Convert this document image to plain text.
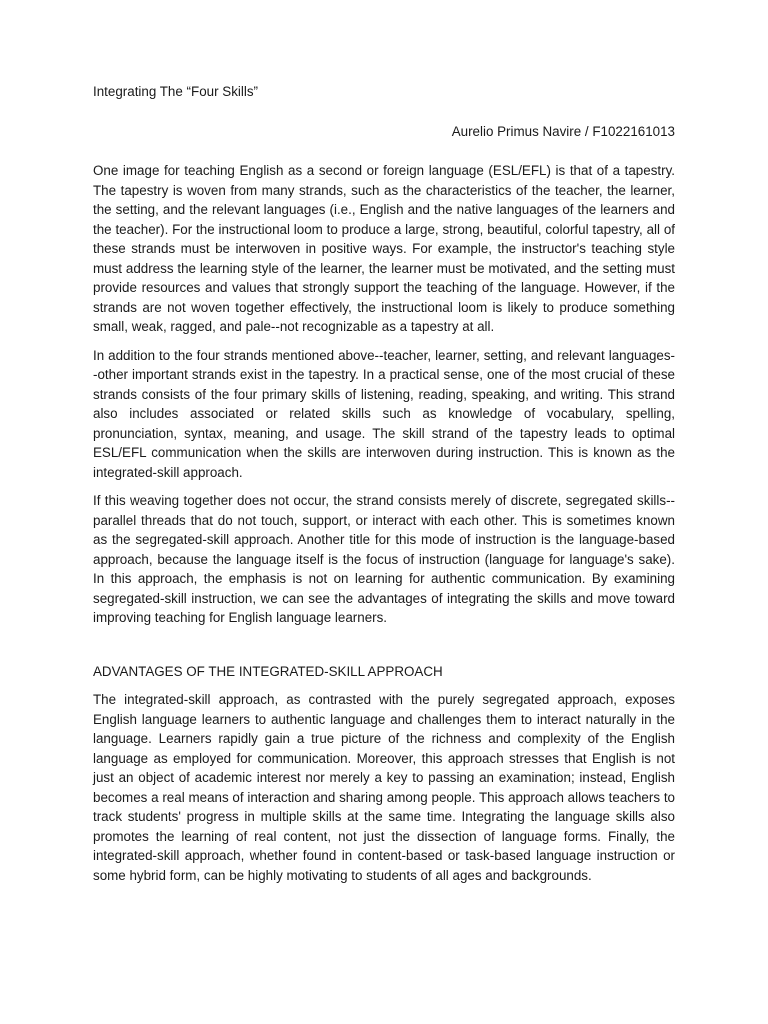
Integrating The “Four Skills”

Aurelio Primus Navire / F1022161013

One image for teaching English as a second or foreign language (ESL/EFL) is that of a tapestry. The tapestry is woven from many strands, such as the characteristics of the teacher, the learner, the setting, and the relevant languages (i.e., English and the native languages of the learners and the teacher). For the instructional loom to produce a large, strong, beautiful, colorful tapestry, all of these strands must be interwoven in positive ways. For example, the instructor's teaching style must address the learning style of the learner, the learner must be motivated, and the setting must provide resources and values that strongly support the teaching of the language. However, if the strands are not woven together effectively, the instructional loom is likely to produce something small, weak, ragged, and pale--not recognizable as a tapestry at all.

In addition to the four strands mentioned above--teacher, learner, setting, and relevant languages--other important strands exist in the tapestry. In a practical sense, one of the most crucial of these strands consists of the four primary skills of listening, reading, speaking, and writing. This strand also includes associated or related skills such as knowledge of vocabulary, spelling, pronunciation, syntax, meaning, and usage. The skill strand of the tapestry leads to optimal ESL/EFL communication when the skills are interwoven during instruction. This is known as the integrated-skill approach.

If this weaving together does not occur, the strand consists merely of discrete, segregated skills--parallel threads that do not touch, support, or interact with each other. This is sometimes known as the segregated-skill approach. Another title for this mode of instruction is the language-based approach, because the language itself is the focus of instruction (language for language's sake). In this approach, the emphasis is not on learning for authentic communication. By examining segregated-skill instruction, we can see the advantages of integrating the skills and move toward improving teaching for English language learners.

ADVANTAGES OF THE INTEGRATED-SKILL APPROACH

The integrated-skill approach, as contrasted with the purely segregated approach, exposes English language learners to authentic language and challenges them to interact naturally in the language. Learners rapidly gain a true picture of the richness and complexity of the English language as employed for communication. Moreover, this approach stresses that English is not just an object of academic interest nor merely a key to passing an examination; instead, English becomes a real means of interaction and sharing among people. This approach allows teachers to track students' progress in multiple skills at the same time. Integrating the language skills also promotes the learning of real content, not just the dissection of language forms. Finally, the integrated-skill approach, whether found in content-based or task-based language instruction or some hybrid form, can be highly motivating to students of all ages and backgrounds.
